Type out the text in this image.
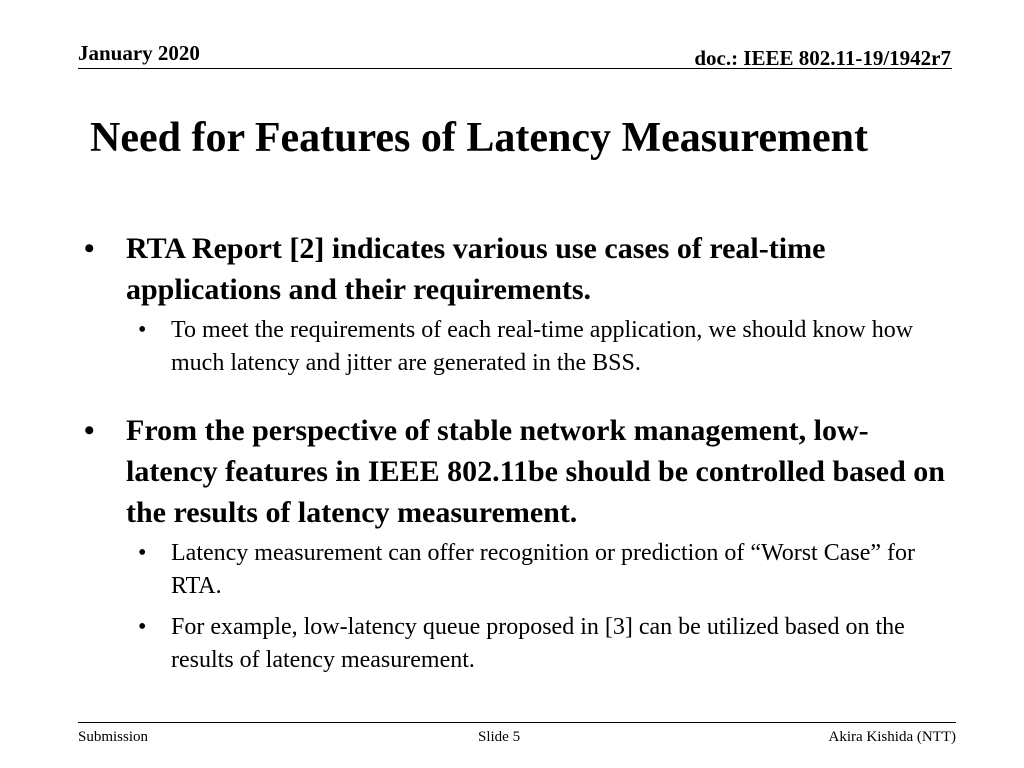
January 2020	doc.: IEEE 802.11-19/1942r7
Need for Features of Latency Measurement
• RTA Report [2] indicates various use cases of real-time applications and their requirements.
• To meet the requirements of each real-time application, we should know how much latency and jitter are generated in the BSS.
• From the perspective of stable network management, low-latency features in IEEE 802.11be should be controlled based on the results of latency measurement.
• Latency measurement can offer recognition or prediction of “Worst Case” for RTA.
• For example, low-latency queue proposed in [3] can be utilized based on the results of latency measurement.
Submission	Slide 5	Akira Kishida (NTT)
